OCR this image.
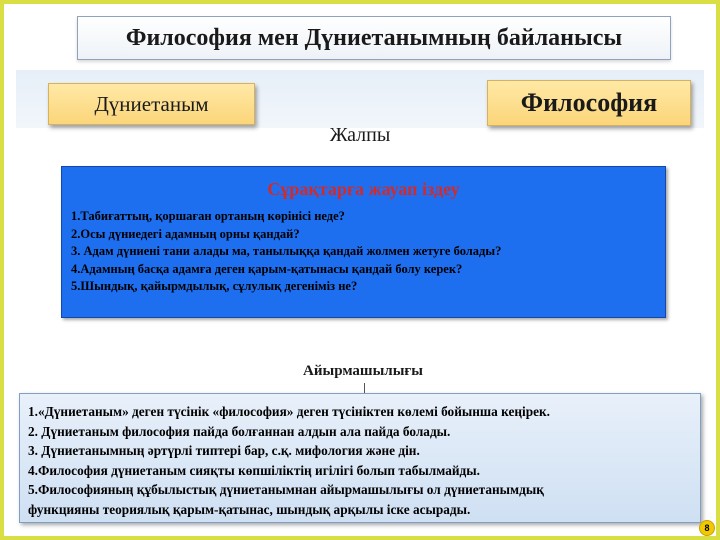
Философия мен Дүниетанымның байланысы
Дүниетаным	Философия
Жалпы
Сұрақтарға жауап іздеу
1.Табиғаттың, қоршаған ортаның көрінісі неде?
2.Осы дүниедегі адамның орны қандай?
3. Адам дүниені тани алады ма, танылыққа қандай жолмен жетуге болады?
4.Адамның басқа адамға деген қарым-қатынасы қандай болу керек?
5.Шындық, қайырмдылық, сұлулық дегеніміз не?
Айырмашылығы
1.«Дүниетаным» деген түсінік «философия» деген түсініктен көлемі бойынша кеңірек.
2. Дүниетаным философия пайда болғаннан алдын ала пайда болады.
3. Дүниетанымның әртүрлі типтері бар, с.қ. мифология және дін.
4.Философия дүниетаным сияқты көпшіліктің игілігі болып табылмайды.
5.Философияның құбылыстық дүниетанымнан айырмашылығы ол дүниетанымдық
функцияны теориялық қарым-қатынас, шындық арқылы іске асырады.
8
